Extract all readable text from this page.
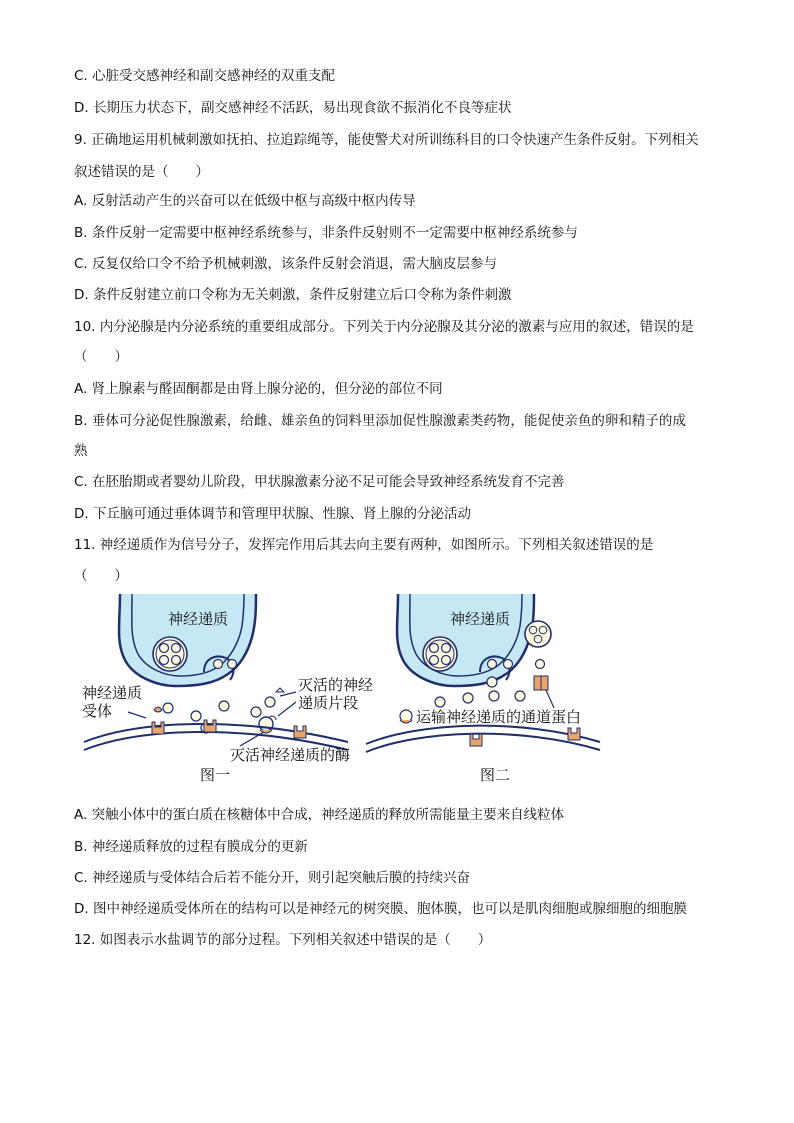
C. 心脏受交感神经和副交感神经的双重支配
D. 长期压力状态下，副交感神经不活跃，易出现食欲不振消化不良等症状
9. 正确地运用机械刺激如抚拍、拉追踪绳等，能使警犬对所训练科目的口令快速产生条件反射。下列相关
叙述错误的是（　　）
A. 反射活动产生的兴奋可以在低级中枢与高级中枢内传导
B. 条件反射一定需要中枢神经系统参与，非条件反射则不一定需要中枢神经系统参与
C. 反复仅给口令不给予机械刺激，该条件反射会消退，需大脑皮层参与
D. 条件反射建立前口令称为无关刺激，条件反射建立后口令称为条件刺激
10. 内分泌腺是内分泌系统的重要组成部分。下列关于内分泌腺及其分泌的激素与应用的叙述，错误的是
（　　）
A. 肾上腺素与醛固酮都是由肾上腺分泌的，但分泌的部位不同
B. 垂体可分泌促性腺激素，给雌、雄亲鱼的饲料里添加促性腺激素类药物，能促使亲鱼的卵和精子的成
熟
C. 在胚胎期或者婴幼儿阶段，甲状腺激素分泌不足可能会导致神经系统发育不完善
D. 下丘脑可通过垂体调节和管理甲状腺、性腺、肾上腺的分泌活动
11. 神经递质作为信号分子，发挥完作用后其去向主要有两种，如图所示。下列相关叙述错误的是
（　　）
神经递质
神经递质
受体
灭活的神经
递质片段
灭活神经递质的酶
图一
神经递质
运输神经递质的通道蛋白
图二
A. 突触小体中的蛋白质在核糖体中合成，神经递质的释放所需能量主要来自线粒体
B. 神经递质释放的过程有膜成分的更新
C. 神经递质与受体结合后若不能分开，则引起突触后膜的持续兴奋
D. 图中神经递质受体所在的结构可以是神经元的树突膜、胞体膜，也可以是肌肉细胞或腺细胞的细胞膜
12. 如图表示水盐调节的部分过程。下列相关叙述中错误的是（　　）
